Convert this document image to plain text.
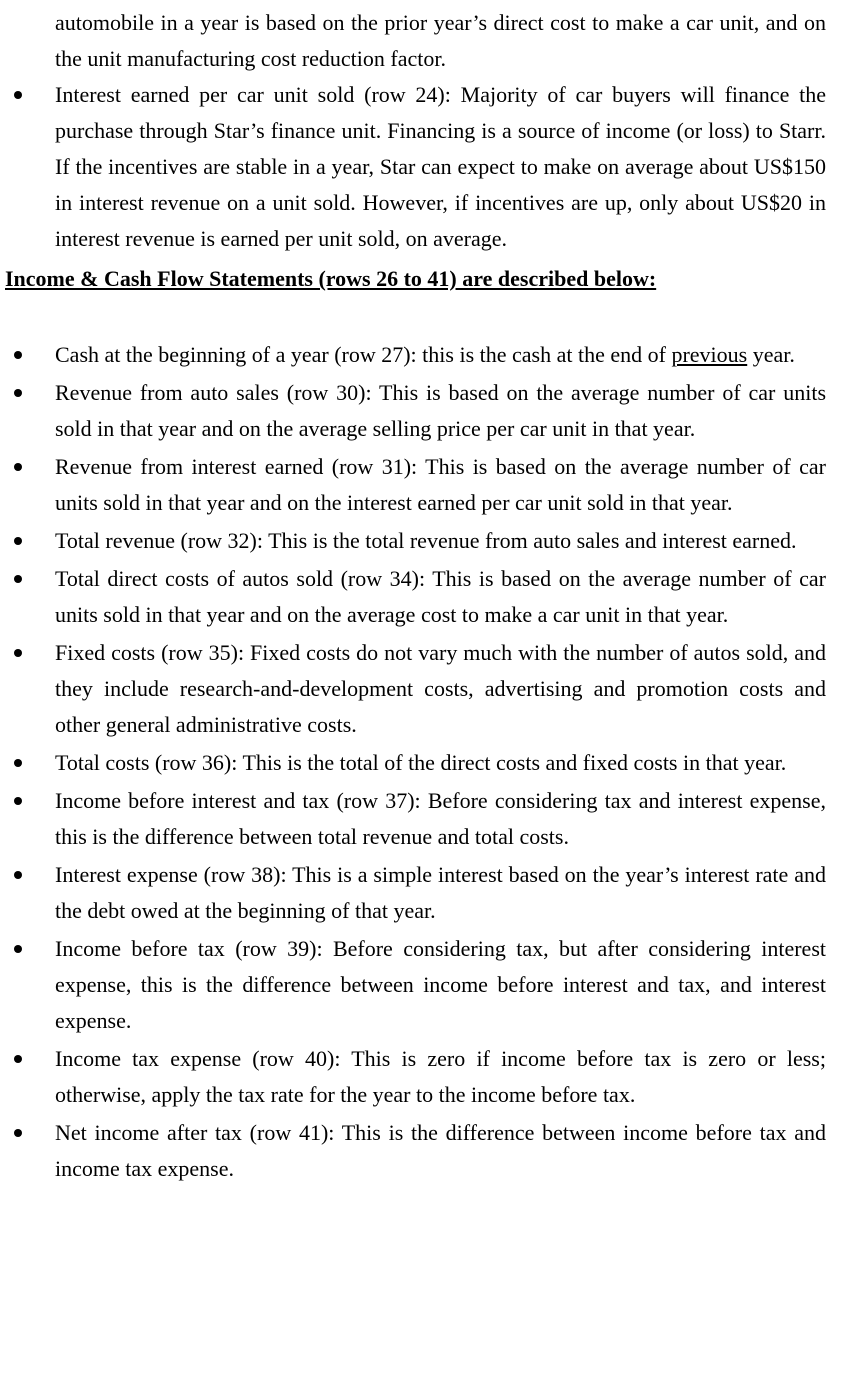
automobile in a year is based on the prior year’s direct cost to make a car unit, and on the unit manufacturing cost reduction factor.

Interest earned per car unit sold (row 24): Majority of car buyers will finance the purchase through Star’s finance unit. Financing is a source of income (or loss) to Starr. If the incentives are stable in a year, Star can expect to make on average about US$150 in interest revenue on a unit sold. However, if incentives are up, only about US$20 in interest revenue is earned per unit sold, on average.
Income & Cash Flow Statements (rows 26 to 41) are described below:
Cash at the beginning of a year (row 27): this is the cash at the end of previous year.
Revenue from auto sales (row 30): This is based on the average number of car units sold in that year and on the average selling price per car unit in that year.
Revenue from interest earned (row 31): This is based on the average number of car units sold in that year and on the interest earned per car unit sold in that year.
Total revenue (row 32): This is the total revenue from auto sales and interest earned.
Total direct costs of autos sold (row 34): This is based on the average number of car units sold in that year and on the average cost to make a car unit in that year.
Fixed costs (row 35): Fixed costs do not vary much with the number of autos sold, and they include research-and-development costs, advertising and promotion costs and other general administrative costs.
Total costs (row 36): This is the total of the direct costs and fixed costs in that year.
Income before interest and tax (row 37): Before considering tax and interest expense, this is the difference between total revenue and total costs.
Interest expense (row 38): This is a simple interest based on the year’s interest rate and the debt owed at the beginning of that year.
Income before tax (row 39): Before considering tax, but after considering interest expense, this is the difference between income before interest and tax, and interest expense.
Income tax expense (row 40): This is zero if income before tax is zero or less; otherwise, apply the tax rate for the year to the income before tax.
Net income after tax (row 41): This is the difference between income before tax and income tax expense.
